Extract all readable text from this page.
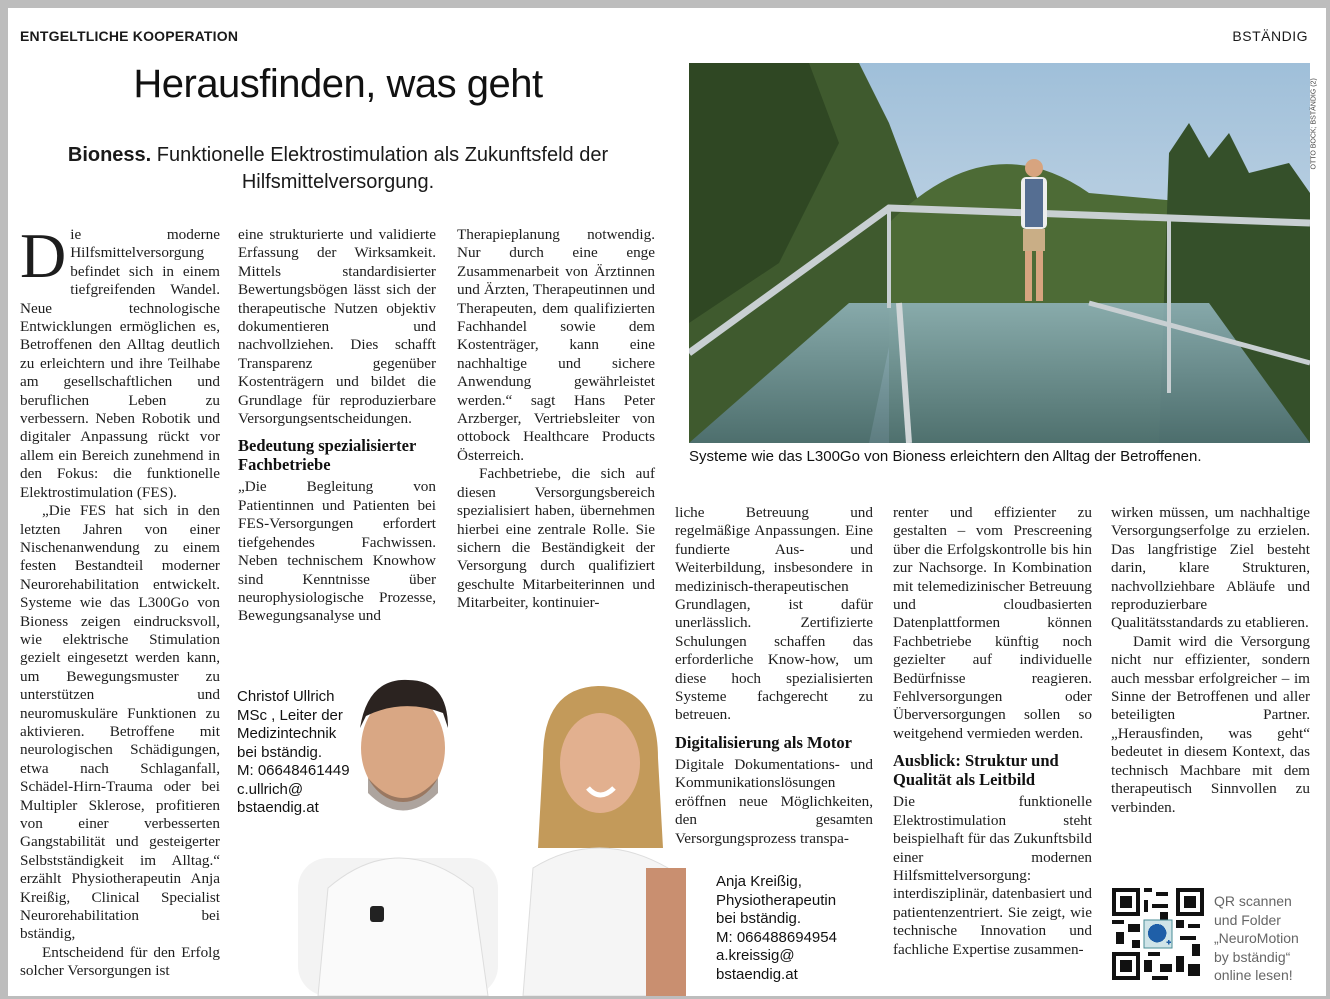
ENTGELTLICHE KOOPERATION	BSTÄNDIG
Herausfinden, was geht
Bioness. Funktionelle Elektrostimulation als Zukunftsfeld der Hilfsmittelversorgung.

Die moderne Hilfsmittelversorgung befindet sich in einem tiefgreifenden Wandel. Neue technologische Entwicklungen ermöglichen es, Betroffenen den Alltag deutlich zu erleichtern und ihre Teilhabe am gesellschaftlichen und beruflichen Leben zu verbessern. Neben Robotik und digitaler Anpassung rückt vor allem ein Bereich zunehmend in den Fokus: die funktionelle Elektrostimulation (FES).

„Die FES hat sich in den letzten Jahren von einer Nischenanwendung zu einem festen Bestandteil moderner Neurorehabilitation entwickelt. Systeme wie das L300Go von Bioness zeigen eindrucksvoll, wie elektrische Stimulation gezielt eingesetzt werden kann, um Bewegungsmuster zu unterstützen und neuromuskuläre Funktionen zu aktivieren. Betroffene mit neurologischen Schädigungen, etwa nach Schlaganfall, Schädel-Hirn-Trauma oder bei Multipler Sklerose, profitieren von einer verbesserten Gangstabilität und gesteigerter Selbstständigkeit im Alltag.“ erzählt Physiotherapeutin Anja Kreißig, Clinical Specialist Neurorehabilitation bei bständig,

Entscheidend für den Erfolg solcher Versorgungen ist

eine strukturierte und validierte Erfassung der Wirksamkeit. Mittels standardisierter Bewertungsbögen lässt sich der therapeutische Nutzen objektiv dokumentieren und nachvollziehen. Dies schafft Transparenz gegenüber Kostenträgern und bildet die Grundlage für reproduzierbare Versorgungsentscheidungen.

Bedeutung spezialisierter Fachbetriebe

„Die Begleitung von Patientinnen und Patienten bei FES-Versorgungen erfordert tiefgehendes Fachwissen. Neben technischem Knowhow sind Kenntnisse über neurophysiologische Prozesse, Bewegungsanalyse und

Therapieplanung notwendig. Nur durch eine enge Zusammenarbeit von Ärztinnen und Ärzten, Therapeutinnen und Therapeuten, dem qualifizierten Fachhandel sowie dem Kostenträger, kann eine nachhaltige und sichere Anwendung gewährleistet werden.“ sagt Hans Peter Arzberger, Vertriebsleiter von ottobock Healthcare Products Österreich.

Fachbetriebe, die sich auf diesen Versorgungsbereich spezialisiert haben, übernehmen hierbei eine zentrale Rolle. Sie sichern die Beständigkeit der Versorgung durch qualifiziert geschulte Mitarbeiterinnen und Mitarbeiter, kontinuier-

liche Betreuung und regelmäßige Anpassungen. Eine fundierte Aus- und Weiterbildung, insbesondere in medizinisch-therapeutischen Grundlagen, ist dafür unerlässlich. Zertifizierte Schulungen schaffen das erforderliche Know-how, um diese hoch spezialisierten Systeme fachgerecht zu betreuen.

Digitalisierung als Motor

Digitale Dokumentations- und Kommunikationslösungen eröffnen neue Möglichkeiten, den gesamten Versorgungsprozess transpa-

renter und effizienter zu gestalten – vom Prescreening über die Erfolgskontrolle bis hin zur Nachsorge. In Kombination mit telemedizinischer Betreuung und cloudbasierten Datenplattformen können Fachbetriebe künftig noch gezielter auf individuelle Bedürfnisse reagieren. Fehlversorgungen oder Überversorgungen sollen so weitgehend vermieden werden.

Ausblick: Struktur und Qualität als Leitbild

Die funktionelle Elektrostimulation steht beispielhaft für das Zukunftsbild einer modernen Hilfsmittelversorgung: interdisziplinär, datenbasiert und patientenzentriert. Sie zeigt, wie technische Innovation und fachliche Expertise zusammen-

wirken müssen, um nachhaltige Versorgungserfolge zu erzielen. Das langfristige Ziel besteht darin, klare Strukturen, nachvollziehbare Abläufe und reproduzierbare Qualitätsstandards zu etablieren.

Damit wird die Versorgung nicht nur effizienter, sondern auch messbar erfolgreicher – im Sinne der Betroffenen und aller beteiligten Partner. „Herausfinden, was geht“ bedeutet in diesem Kontext, das technisch Machbare mit dem therapeutisch Sinnvollen zu verbinden.

OTTO BOCK; BSTÄNDIG (2)
Systeme wie das L300Go von Bioness erleichtern den Alltag der Betroffenen.
Christof Ullrich
MSc , Leiter der
Medizintechnik
bei bständig.
M: 06648461449
c.ullrich@
bstaendig.at
Anja Kreißig,
Physiotherapeutin
bei bständig.
M: 066488694954
a.kreissig@
bstaendig.at
QR scannen
und Folder
„NeuroMotion
by bständig“
online lesen!
